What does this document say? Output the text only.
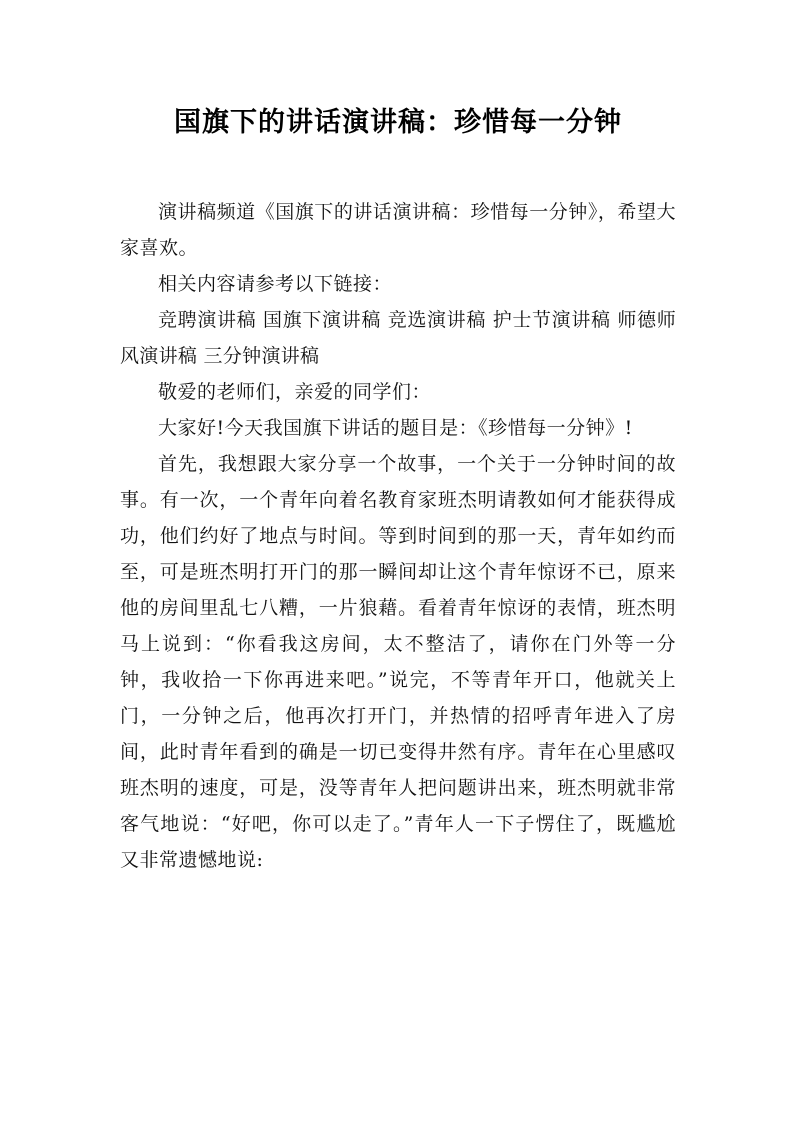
国旗下的讲话演讲稿：珍惜每一分钟

演讲稿频道《国旗下的讲话演讲稿：珍惜每一分钟》，希望大家喜欢。

相关内容请参考以下链接：

竞聘演讲稿 国旗下演讲稿 竞选演讲稿 护士节演讲稿 师德师风演讲稿 三分钟演讲稿

敬爱的老师们，亲爱的同学们：

大家好!今天我国旗下讲话的题目是：《珍惜每一分钟》!

首先，我想跟大家分享一个故事，一个关于一分钟时间的故事。有一次，一个青年向着名教育家班杰明请教如何才能获得成功，他们约好了地点与时间。等到时间到的那一天，青年如约而至，可是班杰明打开门的那一瞬间却让这个青年惊讶不已，原来他的房间里乱七八糟，一片狼藉。看着青年惊讶的表情，班杰明马上说到：“你看我这房间，太不整洁了，请你在门外等一分钟，我收拾一下你再进来吧。”说完，不等青年开口，他就关上门，一分钟之后，他再次打开门，并热情的招呼青年进入了房间，此时青年看到的确是一切已变得井然有序。青年在心里感叹班杰明的速度，可是，没等青年人把问题讲出来，班杰明就非常客气地说：“好吧，你可以走了。”青年人一下子愣住了，既尴尬又非常遗憾地说:
